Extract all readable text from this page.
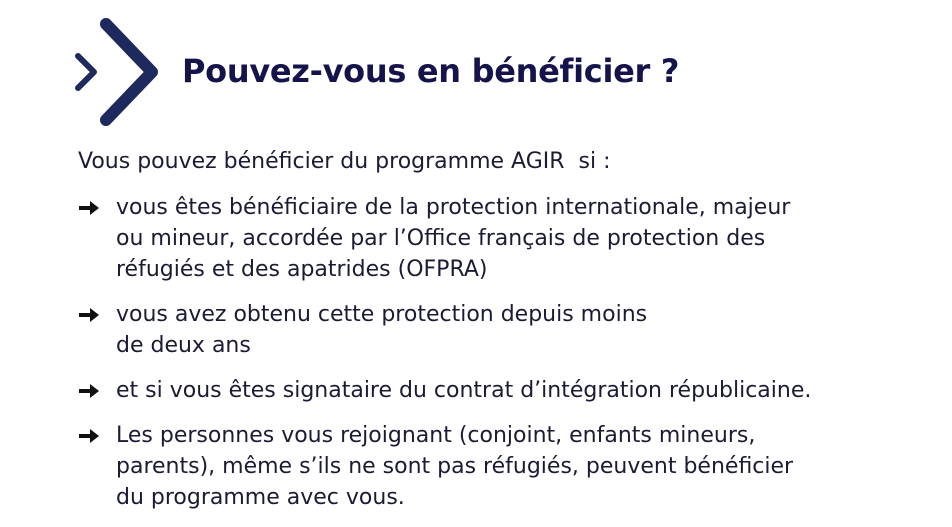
Pouvez-vous en bénéficier ?

Vous pouvez bénéficier du programme AGIR  si :

vous êtes bénéficiaire de la protection internationale, majeur
ou mineur, accordée par l’Office français de protection des
réfugiés et des apatrides (OFPRA)
vous avez obtenu cette protection depuis moins
de deux ans
et si vous êtes signataire du contrat d’intégration républicaine.
Les personnes vous rejoignant (conjoint, enfants mineurs,
parents), même s’ils ne sont pas réfugiés, peuvent bénéficier
du programme avec vous.
